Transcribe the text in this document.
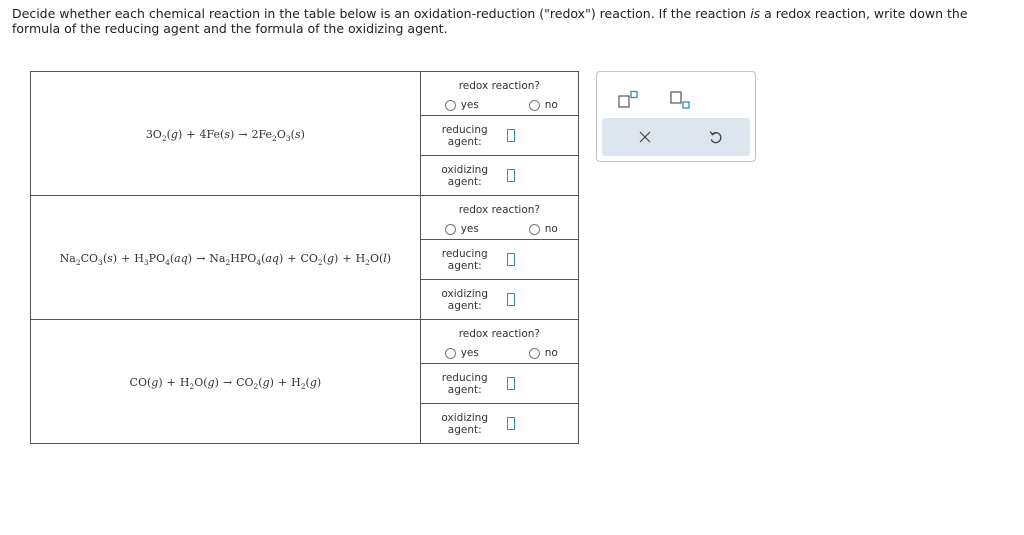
Decide whether each chemical reaction in the table below is an oxidation-reduction ("redox") reaction. If the reaction is a redox reaction, write down the formula of the reducing agent and the formula of the oxidizing agent.
$3O_2(g) + 4Fe(s) \to 2Fe_2O_3(s)$	redox reaction?
yes no
reducing agent:
oxidizing agent:

$Na_2CO_3(s) + H_3PO_4(aq) \to Na_2HPO_4(aq) + CO_2(g) + H_2O(l)$	redox reaction?
yes no
reducing agent:
oxidizing agent:

$CO(g) + H_2O(g) \to CO_2(g) + H_2(g)$	redox reaction?
yes no
reducing agent:
oxidizing agent:
